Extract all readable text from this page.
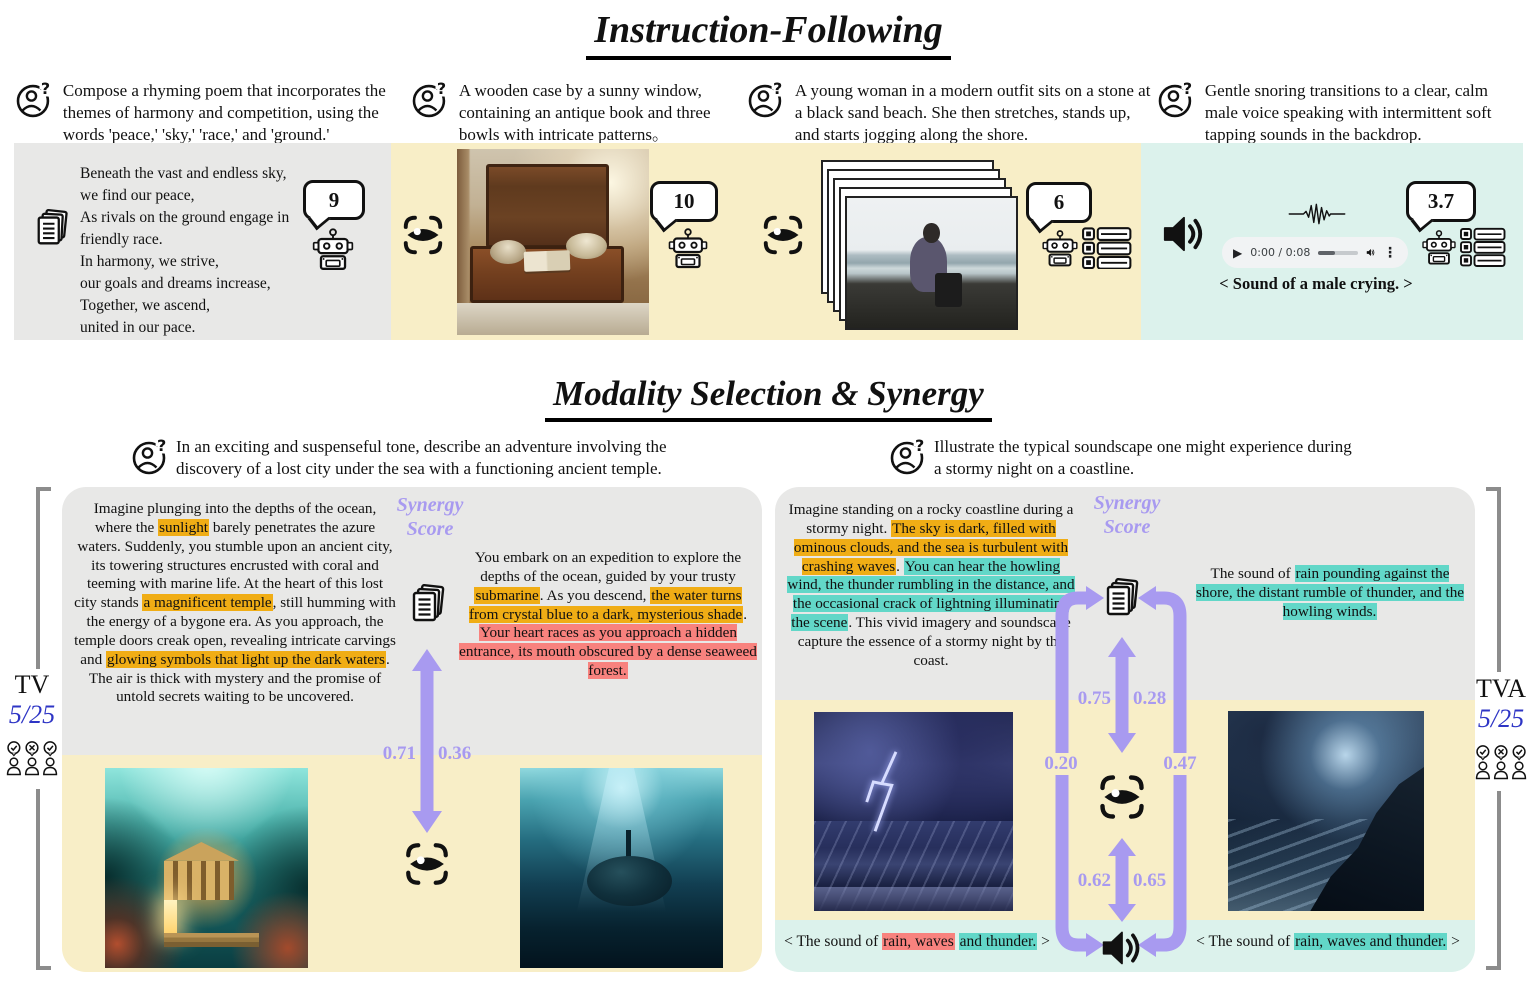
Instruction-Following
Compose a rhyming poem that incorporates the themes of harmony and competition, using the words 'peace,' 'sky,' 'race,' and 'ground.'
A wooden case by a sunny window, containing an antique book and three bowls with intricate patterns。
A young woman in a modern outfit sits on a stone at a black sand beach. She then stretches, stands up, and starts jogging along the shore.
Gentle snoring transitions to a clear, calm male voice speaking with intermittent soft tapping sounds in the backdrop.
Beneath the vast and endless sky,
we find our peace,
As rivals on the ground engage in
friendly race.
In harmony, we strive,
our goals and dreams increase,
Together, we ascend,
united in our pace.
9	10	6
▶ 0:00 / 0:08	⋮
< Sound of a male crying. >
3.7
Modality Selection & Synergy
In an exciting and suspenseful tone, describe an adventure involving the discovery of a lost city under the sea with a functioning ancient temple.
Illustrate the typical soundscape one might experience during a stormy night on a coastline.
TV
5/25
TVA
5/25
Imagine plunging into the depths of the ocean, where the sunlight barely penetrates the azure waters. Suddenly, you stumble upon an ancient city, its towering structures encrusted with coral and teeming with marine life. At the heart of this lost city stands a magnificent temple, still humming with the energy of a bygone era. As you approach, the temple doors creak open, revealing intricate carvings and glowing symbols that light up the dark waters. The air is thick with mystery and the promise of untold secrets waiting to be uncovered.
Synergy Score
You embark on an expedition to explore the depths of the ocean, guided by your trusty submarine. As you descend, the water turns from crystal blue to a dark, mysterious shade. Your heart races as you approach a hidden entrance, its mouth obscured by a dense seaweed forest.
0.71 0.36
Imagine standing on a rocky coastline during a stormy night. The sky is dark, filled with ominous clouds, and the sea is turbulent with crashing waves. You can hear the howling wind, the thunder rumbling in the distance, and the occasional crack of lightning illuminating the scene. This vivid imagery and soundscape capture the essence of a stormy night by the coast.
Synergy Score
The sound of rain pounding against the shore, the distant rumble of thunder, and the howling winds.
0.75 0.28
0.20	0.47
0.62 0.65
< The sound of rain, waves and thunder. >	< The sound of rain, waves and thunder. >
